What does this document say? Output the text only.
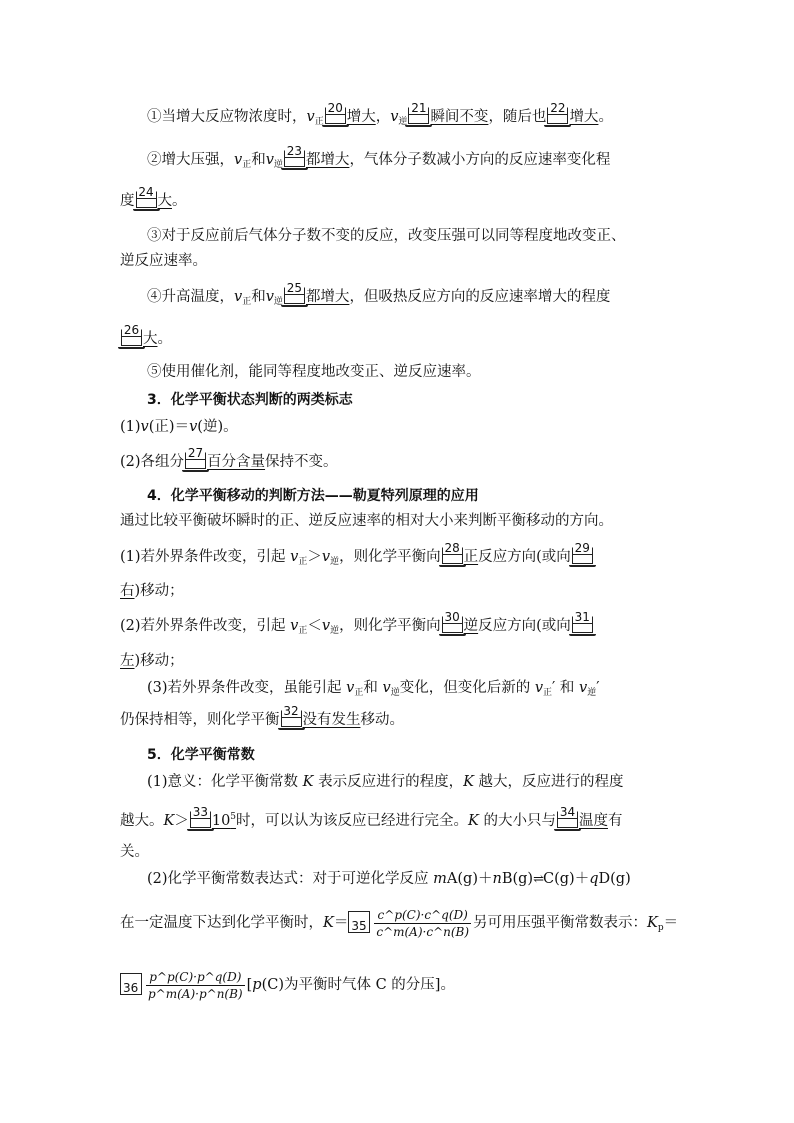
①当增大反应物浓度时，$v_正$
20
增大，$v_逆$
21
瞬间不变，随后也
22
增大。
②增大压强，$v_正$和$v_逆$
23
都增大，气体分子数减小方向的反应速率变化程
度
24
大。
③对于反应前后气体分子数不变的反应，改变压强可以同等程度地改变正、
逆反应速率。
④升高温度，$v_正$和$v_逆$
25
都增大，但吸热反应方向的反应速率增大的程度
26
大。
⑤使用催化剂，能同等程度地改变正、逆反应速率。
3．化学平衡状态判断的两类标志
(1)v(正)＝v(逆)。
(2)各组分
27
百分含量保持不变。
4．化学平衡移动的判断方法——勒夏特列原理的应用
通过比较平衡破坏瞬时的正、逆反应速率的相对大小来判断平衡移动的方向。
(1)若外界条件改变，引起 $v_正>v_逆$，则化学平衡向
28
正反应方向(或向
29
右)移动；
(2)若外界条件改变，引起 $v_正<v_逆$，则化学平衡向
30
逆反应方向(或向
31
左)移动；
(3)若外界条件改变，虽能引起 $v_正$和 $v_逆$变化，但变化后新的 $v_正'$ 和 $v_逆'$
仍保持相等，则化学平衡
32
没有发生移动。
5．化学平衡常数
(1)意义：化学平衡常数 K 表示反应进行的程度，K 越大，反应进行的程度
越大。K＞
33
$10^5$时，可以认为该反应已经进行完全。K 的大小只与
34
温度有
关。
(2)化学平衡常数表达式：对于可逆化学反应 mA(g)＋nB(g)⇌C(g)＋qD(g)
在一定温度下达到化学平衡时，$K= 35 \frac{c\^{}p(C)\cdot c\^{}q(D)}{c\^{}m(A)\cdot c\^{}n(B)}$ 另可用压强平衡常数表示：$K_p=$
$36 \frac{p\^{}p(C)\cdot p\^{}q(D)}{p\^{}m(A)\cdot p\^{}n(B)} [p(C)$为平衡时气体 C 的分压]。
